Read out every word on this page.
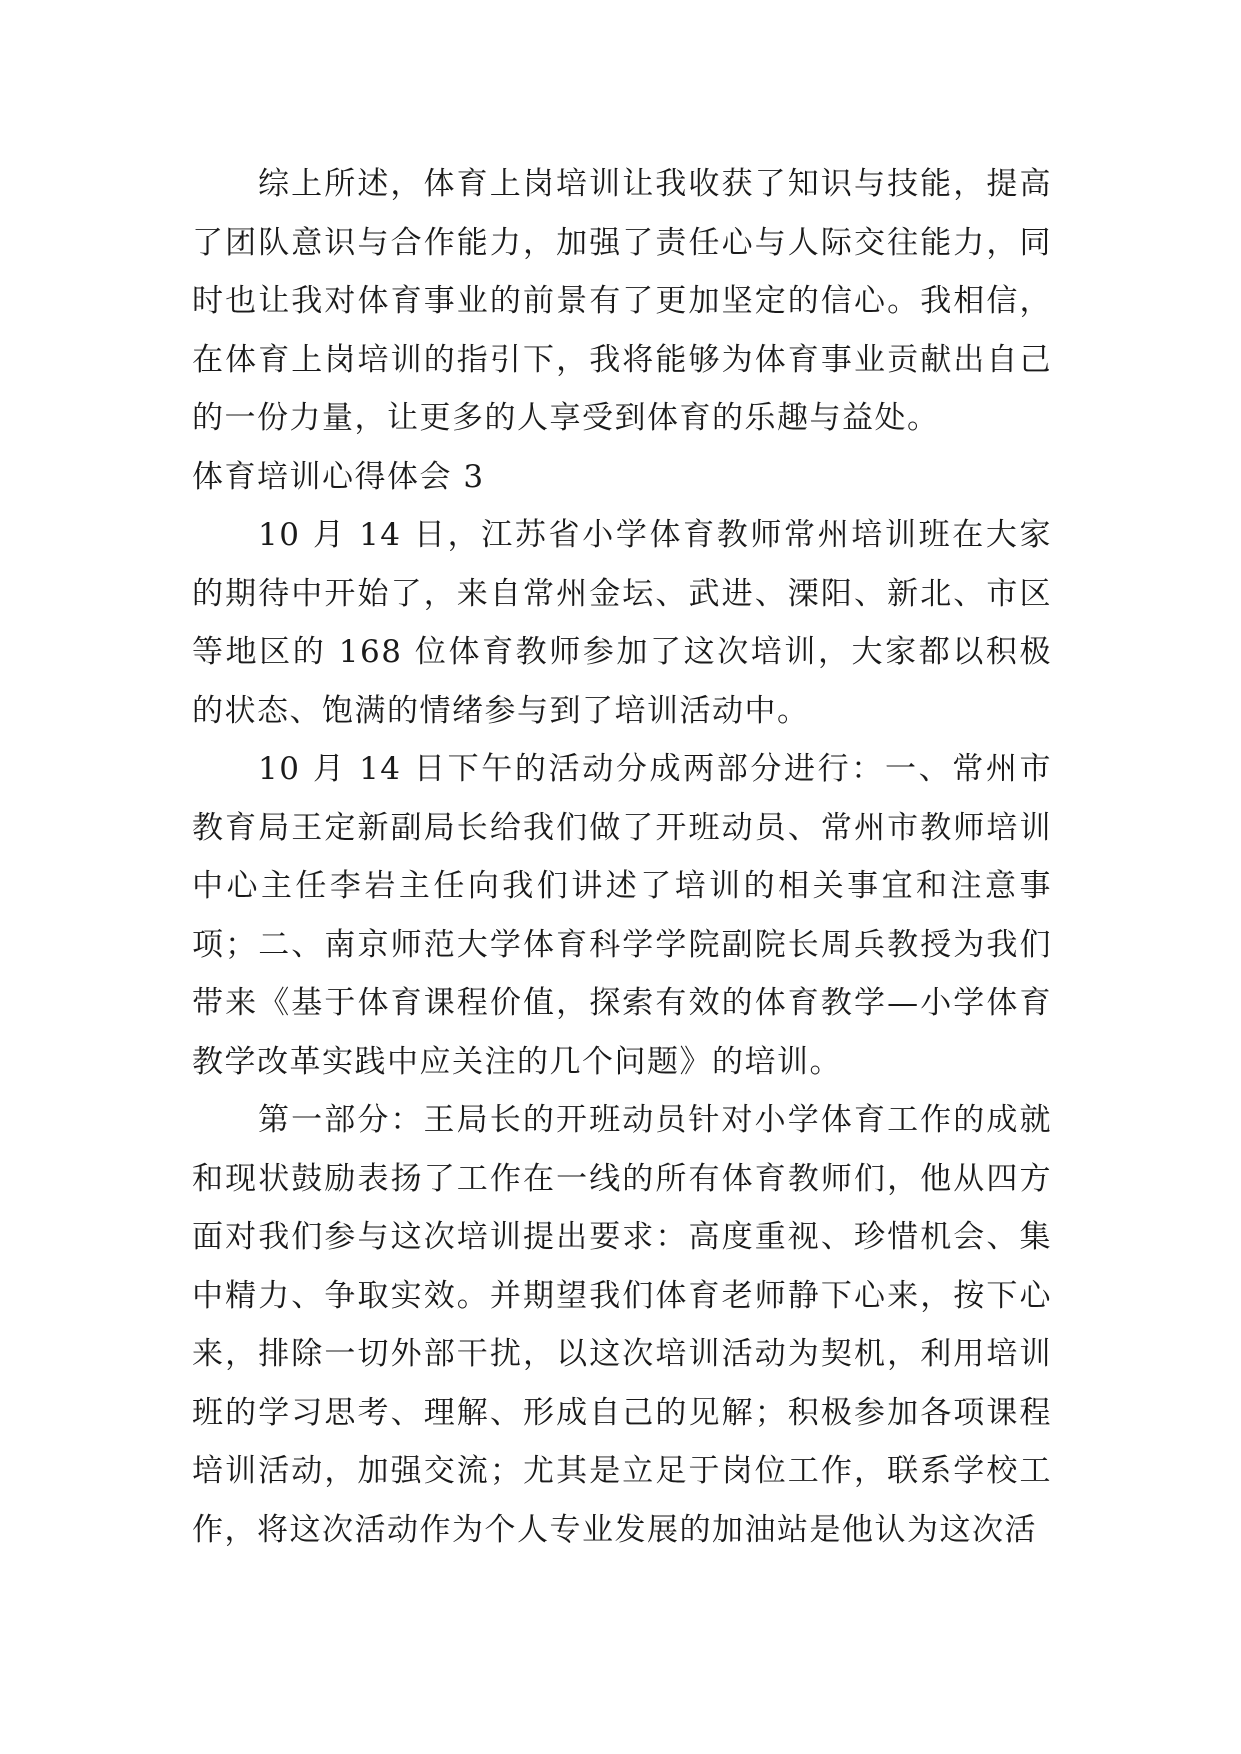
综上所述，体育上岗培训让我收获了知识与技能，提高了团队意识与合作能力，加强了责任心与人际交往能力，同时也让我对体育事业的前景有了更加坚定的信心。我相信，在体育上岗培训的指引下，我将能够为体育事业贡献出自己的一份力量，让更多的人享受到体育的乐趣与益处。

体育培训心得体会 3

10 月 14 日，江苏省小学体育教师常州培训班在大家的期待中开始了，来自常州金坛、武进、溧阳、新北、市区等地区的 168 位体育教师参加了这次培训，大家都以积极的状态、饱满的情绪参与到了培训活动中。

10 月 14 日下午的活动分成两部分进行：一、常州市教育局王定新副局长给我们做了开班动员、常州市教师培训中心主任李岩主任向我们讲述了培训的相关事宜和注意事项；二、南京师范大学体育科学学院副院长周兵教授为我们带来《基于体育课程价值，探索有效的体育教学—小学体育教学改革实践中应关注的几个问题》的培训。

第一部分：王局长的开班动员针对小学体育工作的成就和现状鼓励表扬了工作在一线的所有体育教师们，他从四方面对我们参与这次培训提出要求：高度重视、珍惜机会、集中精力、争取实效。并期望我们体育老师静下心来，按下心来，排除一切外部干扰，以这次培训活动为契机，利用培训班的学习思考、理解、形成自己的见解；积极参加各项课程培训活动，加强交流；尤其是立足于岗位工作，联系学校工作，将这次活动作为个人专业发展的加油站是他认为这次活
